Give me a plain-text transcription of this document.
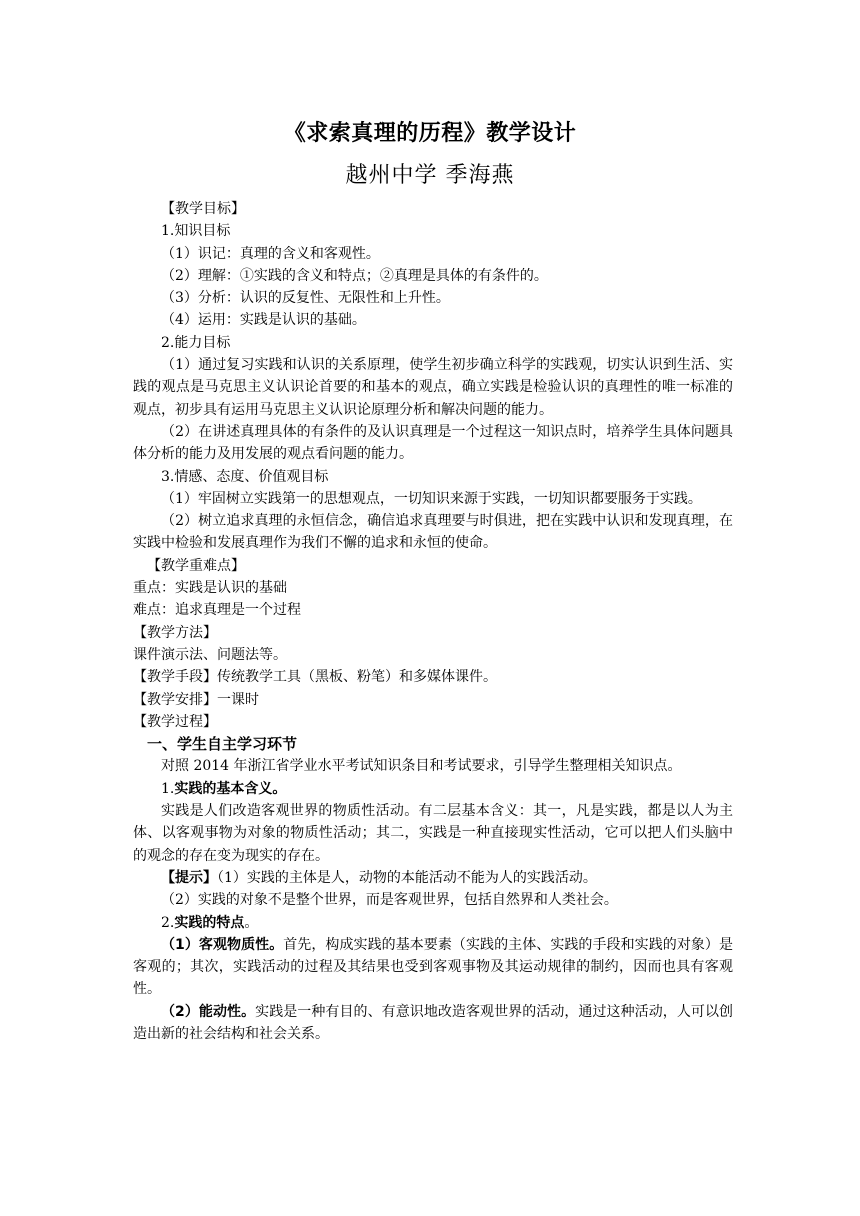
《求索真理的历程》教学设计
越州中学 季海燕

【教学目标】

1.知识目标

（1）识记：真理的含义和客观性。

（2）理解：①实践的含义和特点；②真理是具体的有条件的。

（3）分析：认识的反复性、无限性和上升性。

（4）运用：实践是认识的基础。

2.能力目标

（1）通过复习实践和认识的关系原理，使学生初步确立科学的实践观，切实认识到生活、实践的观点是马克思主义认识论首要的和基本的观点，确立实践是检验认识的真理性的唯一标准的观点，初步具有运用马克思主义认识论原理分析和解决问题的能力。

（2）在讲述真理具体的有条件的及认识真理是一个过程这一知识点时，培养学生具体问题具体分析的能力及用发展的观点看问题的能力。

3.情感、态度、价值观目标

（1）牢固树立实践第一的思想观点，一切知识来源于实践，一切知识都要服务于实践。

（2）树立追求真理的永恒信念，确信追求真理要与时俱进，把在实践中认识和发现真理，在实践中检验和发展真理作为我们不懈的追求和永恒的使命。

【教学重难点】

重点：实践是认识的基础

难点：追求真理是一个过程

【教学方法】

课件演示法、问题法等。

【教学手段】传统教学工具（黑板、粉笔）和多媒体课件。

【教学安排】一课时

【教学过程】

一、学生自主学习环节

对照 2014 年浙江省学业水平考试知识条目和考试要求，引导学生整理相关知识点。

1.实践的基本含义。

实践是人们改造客观世界的物质性活动。有二层基本含义：其一，凡是实践，都是以人为主体、以客观事物为对象的物质性活动；其二，实践是一种直接现实性活动，它可以把人们头脑中的观念的存在变为现实的存在。

【提示】（1）实践的主体是人，动物的本能活动不能为人的实践活动。

（2）实践的对象不是整个世界，而是客观世界，包括自然界和人类社会。

2.实践的特点。

（1）客观物质性。首先，构成实践的基本要素（实践的主体、实践的手段和实践的对象）是客观的；其次，实践活动的过程及其结果也受到客观事物及其运动规律的制约，因而也具有客观性。

（2）能动性。实践是一种有目的、有意识地改造客观世界的活动，通过这种活动，人可以创造出新的社会结构和社会关系。
